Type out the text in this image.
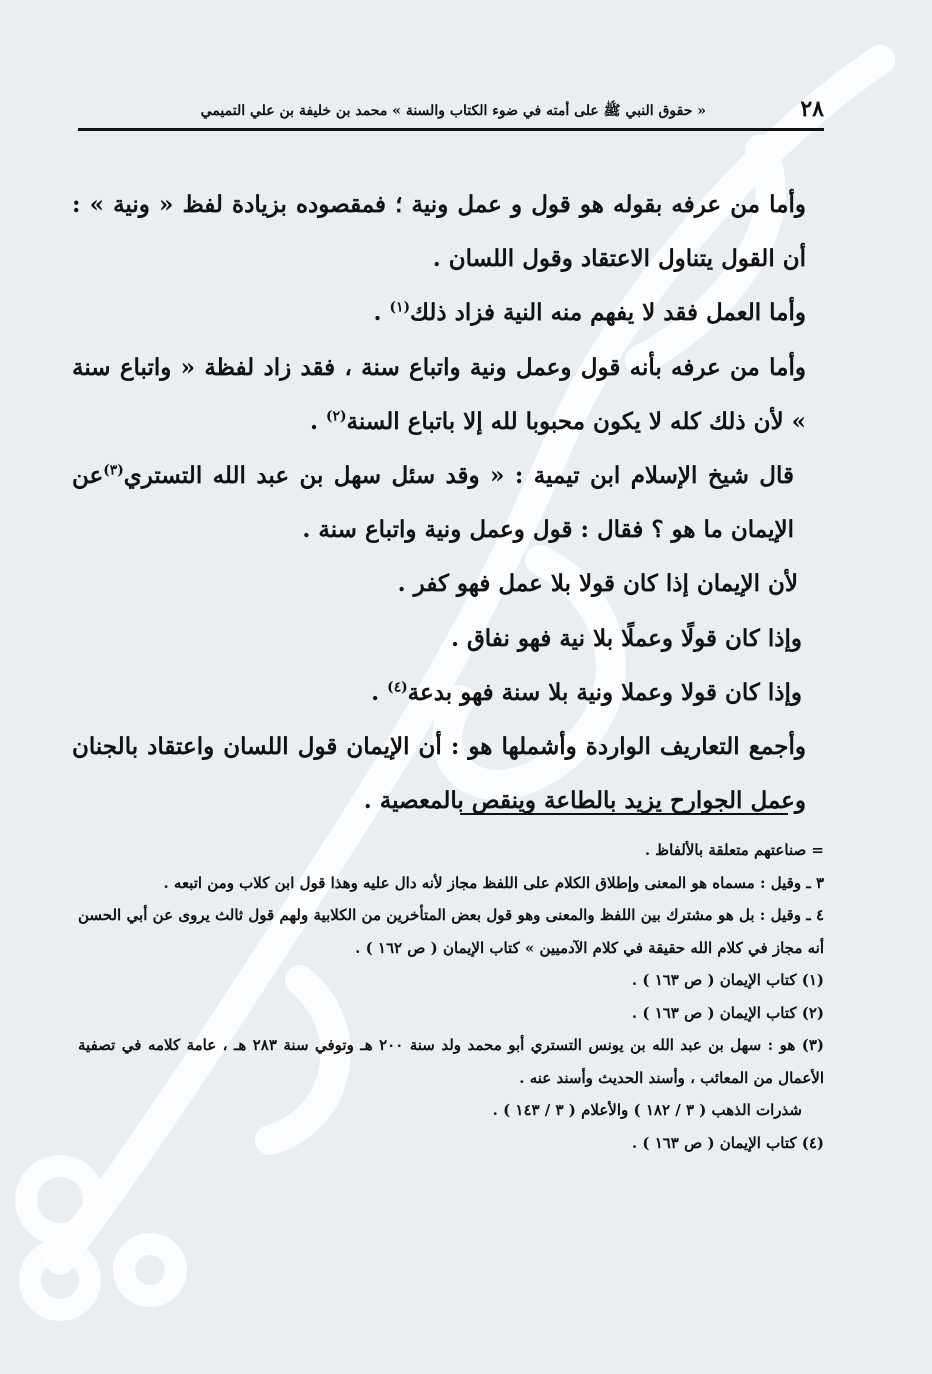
٢٨
« حقوق النبي ﷺ على أمته في ضوء الكتاب والسنة » محمد بن خليفة بن علي التميمي

وأما من عرفه بقوله هو قول و عمل ونية ؛ فمقصوده بزيادة لفظ « ونية » : أن القول يتناول الاعتقاد وقول اللسان .

وأما العمل فقد لا يفهم منه النية فزاد ذلك$^{(١)}$ .

وأما من عرفه بأنه قول وعمل ونية واتباع سنة ، فقد زاد لفظة « واتباع سنة » لأن ذلك كله لا يكون محبوبا لله إلا باتباع السنة$^{(٢)}$ .

قال شيخ الإسلام ابن تيمية : « وقد سئل سهل بن عبد الله التستري$^{(٣)}$عن الإيمان ما هو ؟ فقال : قول وعمل ونية واتباع سنة .

لأن الإيمان إذا كان قولا بلا عمل فهو كفر .

وإذا كان قولًا وعملًا بلا نية فهو نفاق .

وإذا كان قولا وعملا ونية بلا سنة فهو بدعة$^{(٤)}$ .

وأجمع التعاريف الواردة وأشملها هو : أن الإيمان قول اللسان واعتقاد بالجنان وعمل الجوارح يزيد بالطاعة وينقص بالمعصية .

= صناعتهم متعلقة بالألفاظ .

٣ ـ وقيل : مسماه هو المعنى وإطلاق الكلام على اللفظ مجاز لأنه دال عليه وهذا قول ابن كلاب ومن اتبعه .

٤ ـ وقيل : بل هو مشترك بين اللفظ والمعنى وهو قول بعض المتأخرين من الكلابية ولهم قول ثالث يروى عن أبي الحسن أنه مجاز في كلام الله حقيقة في كلام الآدميين » كتاب الإيمان ( ص ١٦٢ ) .

(١) كتاب الإيمان ( ص ١٦٣ ) .

(٢) كتاب الإيمان ( ص ١٦٣ ) .

(٣) هو : سهل بن عبد الله بن يونس التستري أبو محمد ولد سنة ٢٠٠ هـ وتوفي سنة ٢٨٣ هـ ، عامة كلامه في تصفية الأعمال من المعائب ، وأسند الحديث وأسند عنه .

شذرات الذهب ( ٣ / ١٨٢ ) والأعلام ( ٣ / ١٤٣ ) .

(٤) كتاب الإيمان ( ص ١٦٣ ) .
